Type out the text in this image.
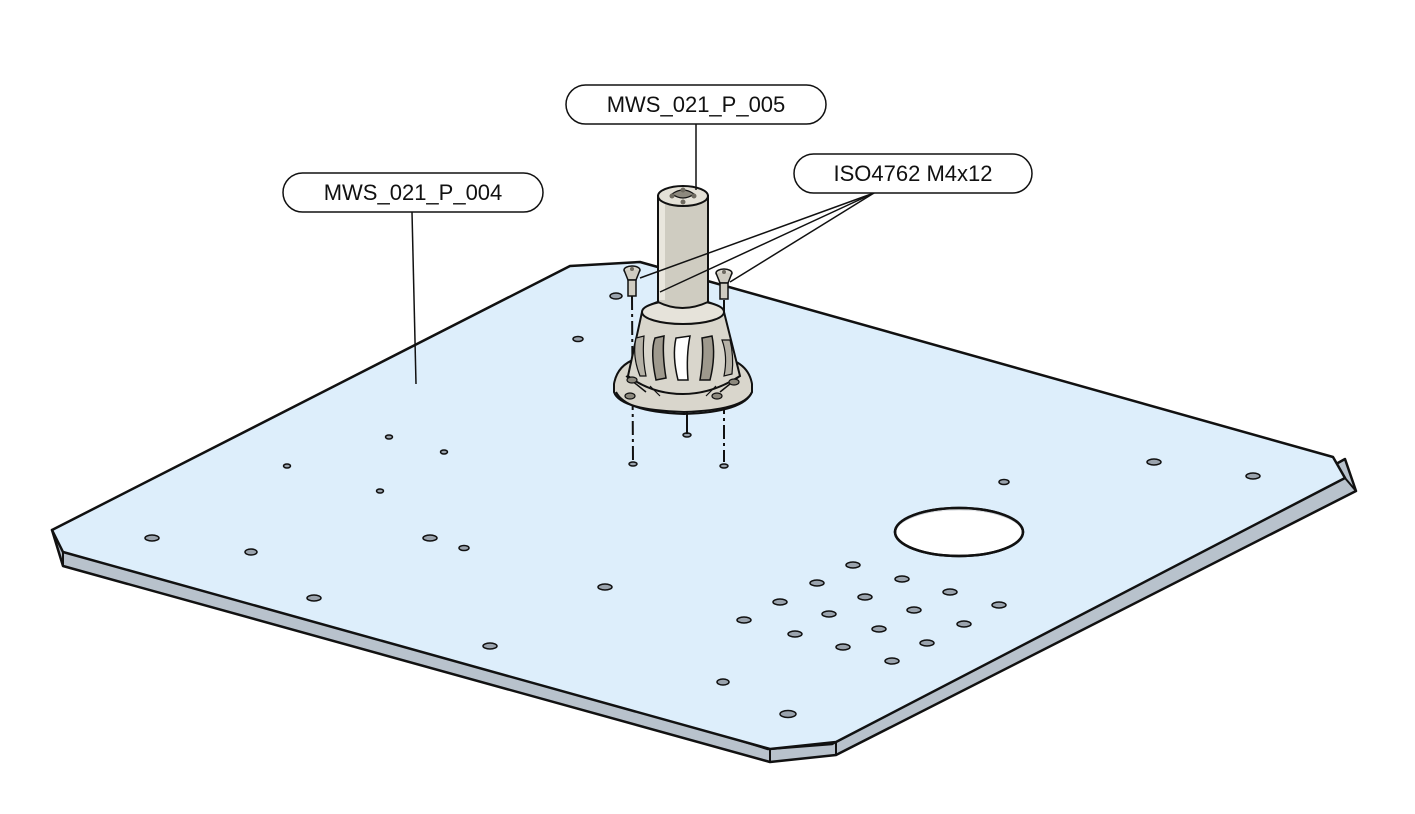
MWS_021_P_005
ISO4762 M4x12
MWS_021_P_004
